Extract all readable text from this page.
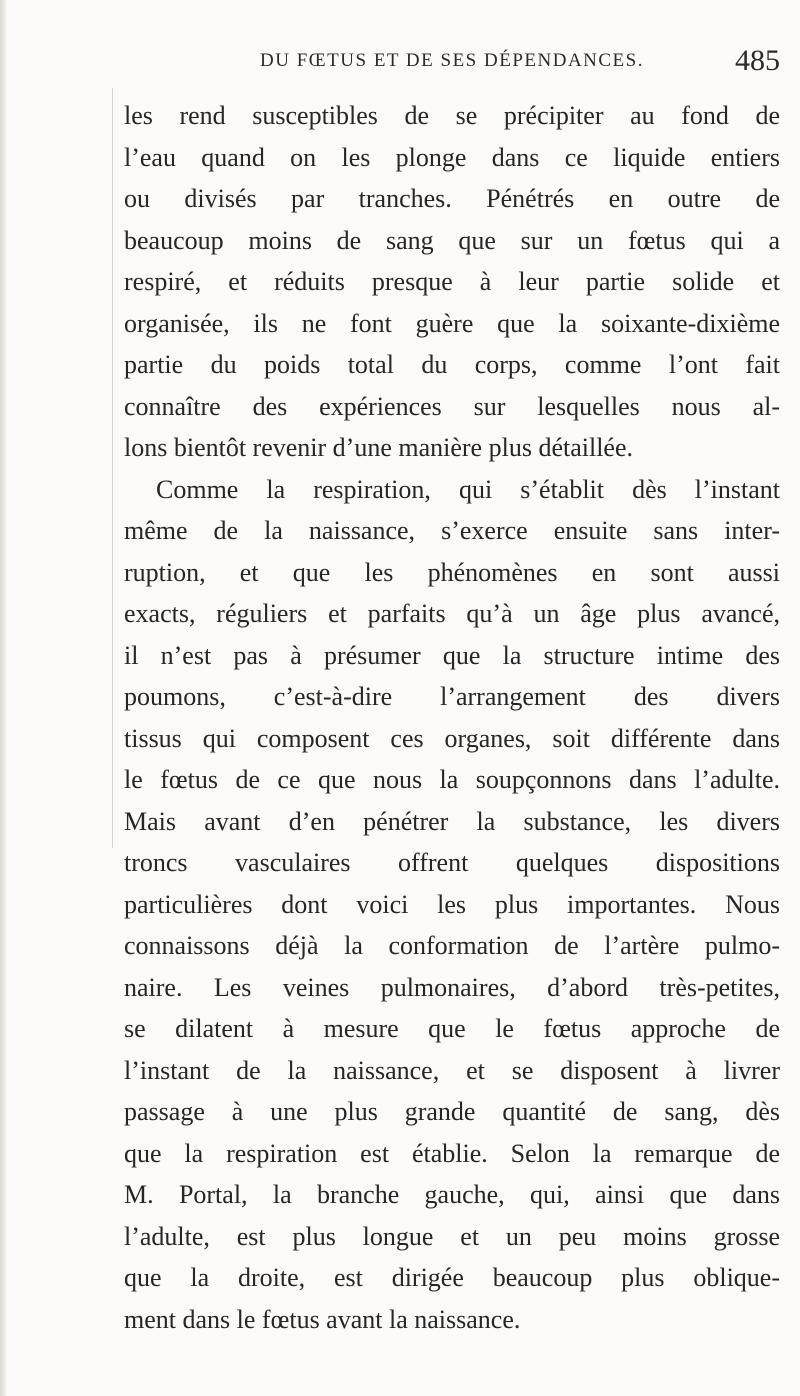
DU FŒTUS ET DE SES DÉPENDANCES.	485
les rend susceptibles de se précipiter au fond de
l’eau quand on les plonge dans ce liquide entiers
ou divisés par tranches. Pénétrés en outre de
beaucoup moins de sang que sur un fœtus qui a
respiré, et réduits presque à leur partie solide et
organisée, ils ne font guère que la soixante-dixième
partie du poids total du corps, comme l’ont fait
connaître des expériences sur lesquelles nous al-
lons bientôt revenir d’une manière plus détaillée.
Comme la respiration, qui s’établit dès l’instant
même de la naissance, s’exerce ensuite sans inter-
ruption, et que les phénomènes en sont aussi
exacts, réguliers et parfaits qu’à un âge plus avancé,
il n’est pas à présumer que la structure intime des
poumons, c’est-à-dire l’arrangement des divers
tissus qui composent ces organes, soit différente dans
le fœtus de ce que nous la soupçonnons dans l’adulte.
Mais avant d’en pénétrer la substance, les divers
troncs vasculaires offrent quelques dispositions
particulières dont voici les plus importantes. Nous
connaissons déjà la conformation de l’artère pulmo-
naire. Les veines pulmonaires, d’abord très-petites,
se dilatent à mesure que le fœtus approche de
l’instant de la naissance, et se disposent à livrer
passage à une plus grande quantité de sang, dès
que la respiration est établie. Selon la remarque de
M. Portal, la branche gauche, qui, ainsi que dans
l’adulte, est plus longue et un peu moins grosse
que la droite, est dirigée beaucoup plus oblique-
ment dans le fœtus avant la naissance.
